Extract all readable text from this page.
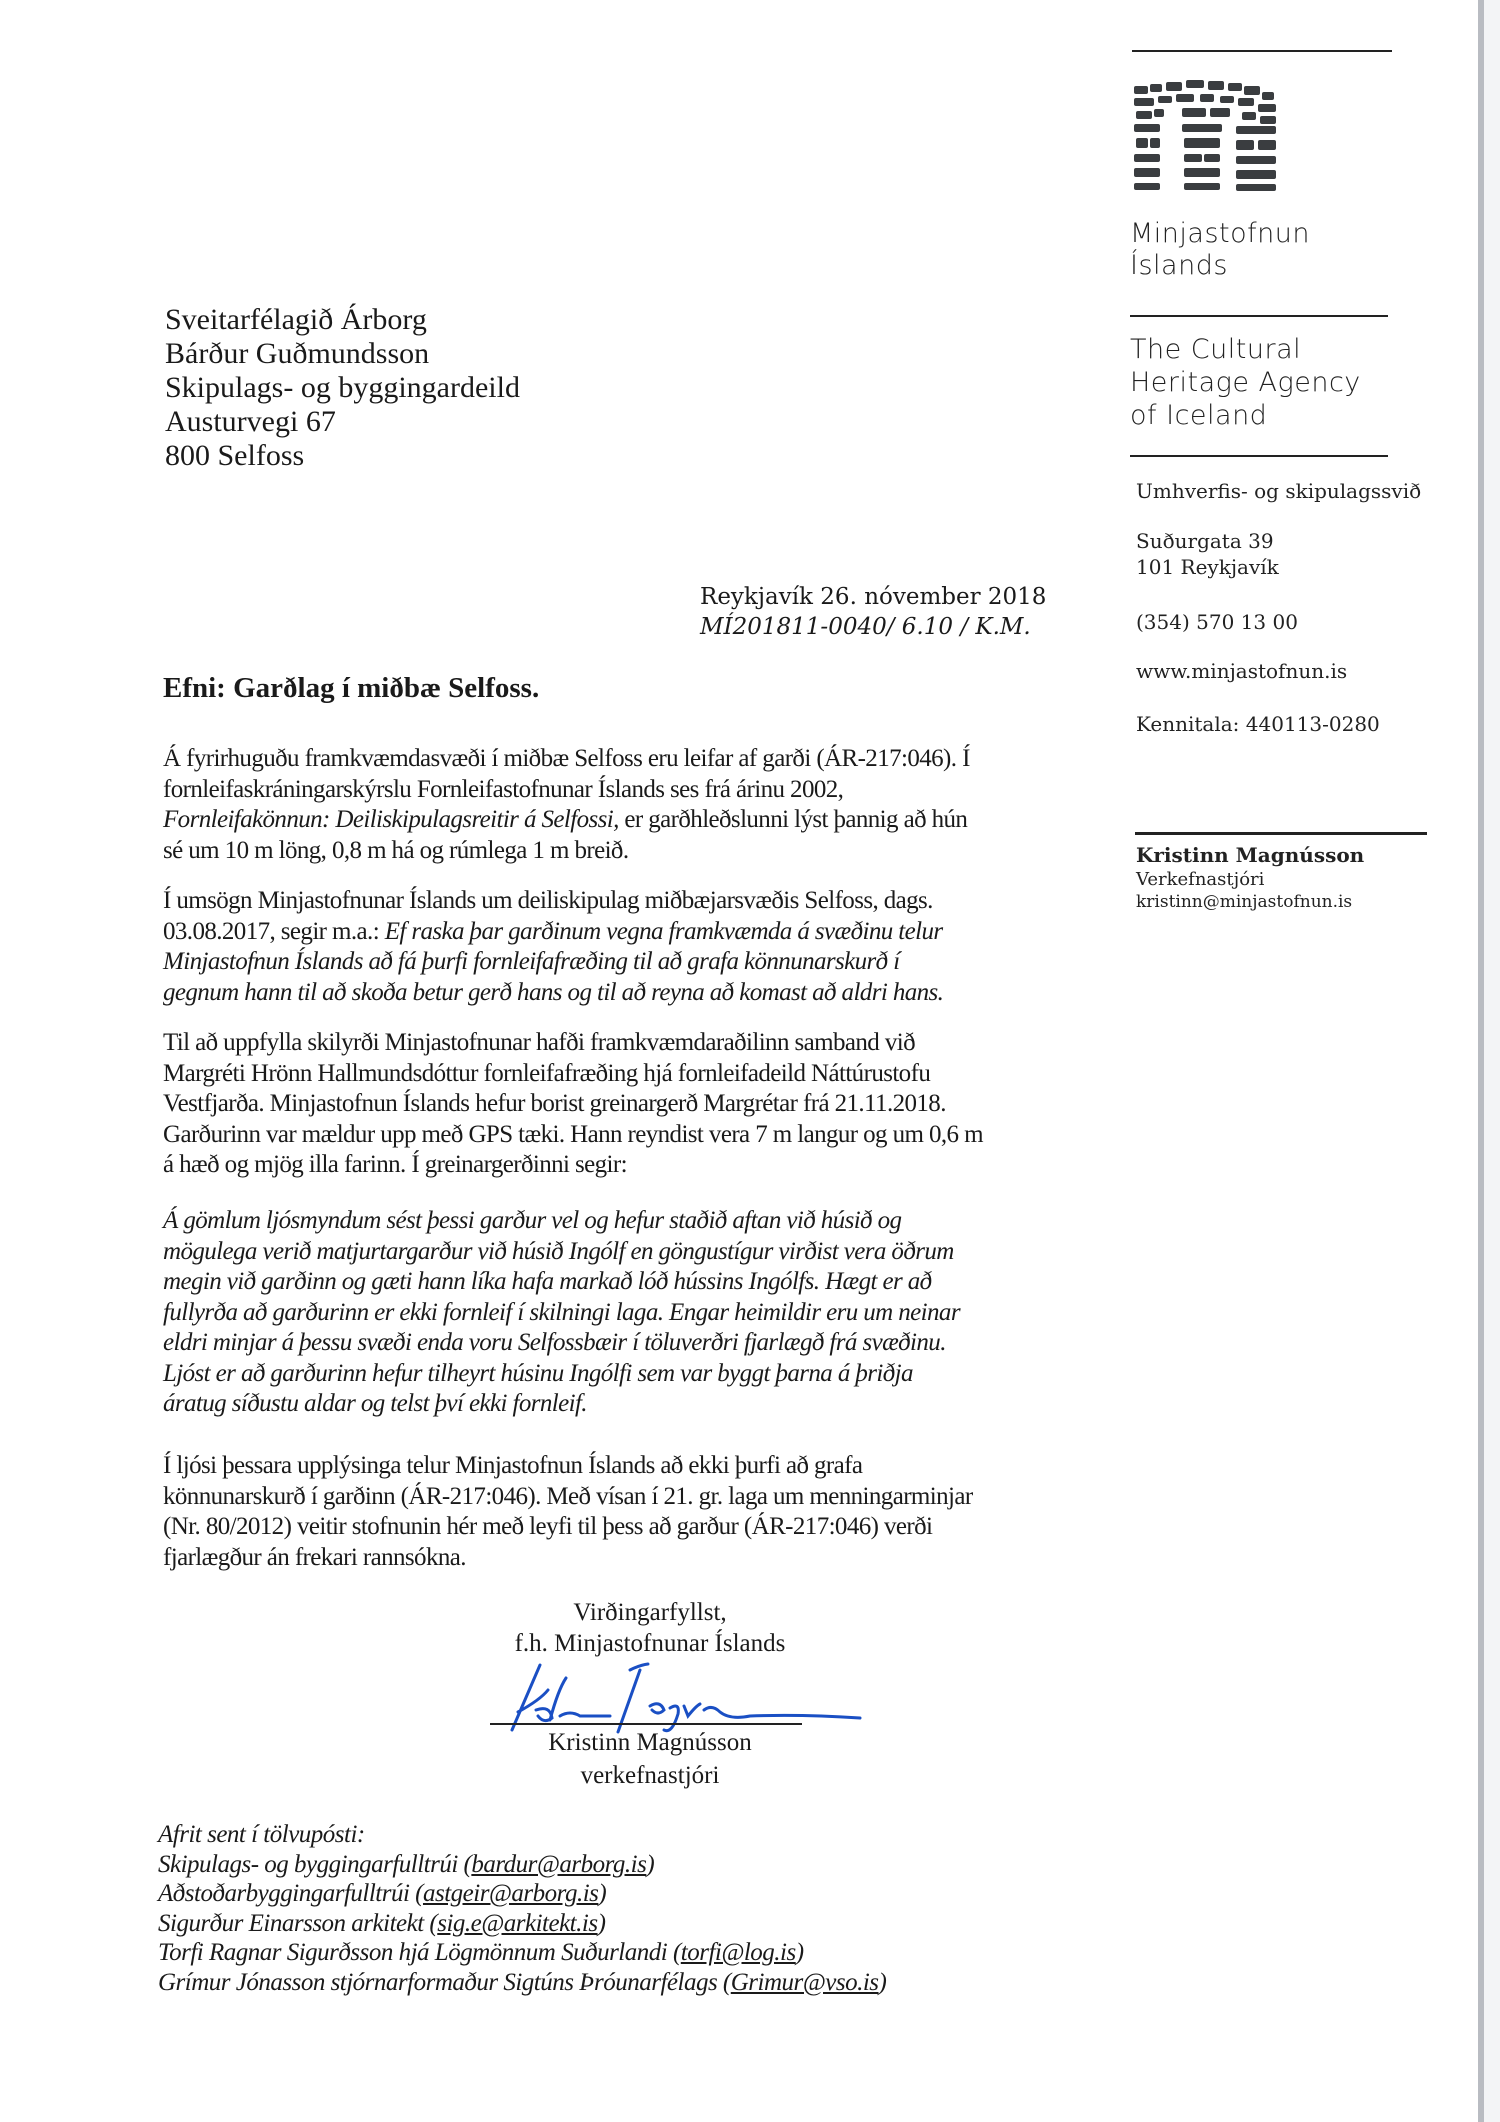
Minjastofnun
Íslands
The Cultural
Heritage Agency
of Iceland
Umhverfis- og skipulagssvið
Suðurgata 39
101 Reykjavík
(354) 570 13 00
www.minjastofnun.is
Kennitala: 440113-0280
Kristinn Magnússon
Verkefnastjóri
kristinn@minjastofnun.is
Sveitarfélagið Árborg
Bárður Guðmundsson
Skipulags- og byggingardeild
Austurvegi 67
800 Selfoss
Reykjavík 26. nóvember 2018
MÍ201811-0040/ 6.10 / K.M.
Efni: Garðlag í miðbæ Selfoss.
Á fyrirhuguðu framkvæmdasvæði í miðbæ Selfoss eru leifar af garði (ÁR-217:046). Í
fornleifaskráningarskýrslu Fornleifastofnunar Íslands ses frá árinu 2002,
Fornleifakönnun: Deiliskipulagsreitir á Selfossi, er garðhleðslunni lýst þannig að hún
sé um 10 m löng, 0,8 m há og rúmlega 1 m breið.
Í umsögn Minjastofnunar Íslands um deiliskipulag miðbæjarsvæðis Selfoss, dags.
03.08.2017, segir m.a.: Ef raska þar garðinum vegna framkvæmda á svæðinu telur
Minjastofnun Íslands að fá þurfi fornleifafræðing til að grafa könnunarskurð í
gegnum hann til að skoða betur gerð hans og til að reyna að komast að aldri hans.
Til að uppfylla skilyrði Minjastofnunar hafði framkvæmdaraðilinn samband við
Margréti Hrönn Hallmundsdóttur fornleifafræðing hjá fornleifadeild Náttúrustofu
Vestfjarða. Minjastofnun Íslands hefur borist greinargerð Margrétar frá 21.11.2018.
Garðurinn var mældur upp með GPS tæki. Hann reyndist vera 7 m langur og um 0,6 m
á hæð og mjög illa farinn. Í greinargerðinni segir:
Á gömlum ljósmyndum sést þessi garður vel og hefur staðið aftan við húsið og
mögulega verið matjurtargarður við húsið Ingólf en göngustígur virðist vera öðrum
megin við garðinn og gæti hann líka hafa markað lóð hússins Ingólfs. Hægt er að
fullyrða að garðurinn er ekki fornleif í skilningi laga. Engar heimildir eru um neinar
eldri minjar á þessu svæði enda voru Selfossbæir í töluverðri fjarlægð frá svæðinu.
Ljóst er að garðurinn hefur tilheyrt húsinu Ingólfi sem var byggt þarna á þriðja
áratug síðustu aldar og telst því ekki fornleif.
Í ljósi þessara upplýsinga telur Minjastofnun Íslands að ekki þurfi að grafa
könnunarskurð í garðinn (ÁR-217:046). Með vísan í 21. gr. laga um menningarminjar
(Nr. 80/2012) veitir stofnunin hér með leyfi til þess að garður (ÁR-217:046) verði
fjarlægður án frekari rannsókna.
Virðingarfyllst,
f.h. Minjastofnunar Íslands
Kristinn Magnússon
verkefnastjóri
Afrit sent í tölvupósti:
Skipulags- og byggingarfulltrúi (bardur@arborg.is)
Aðstoðarbyggingarfulltrúi (astgeir@arborg.is)
Sigurður Einarsson arkitekt (sig.e@arkitekt.is)
Torfi Ragnar Sigurðsson hjá Lögmönnum Suðurlandi (torfi@log.is)
Grímur Jónasson stjórnarformaður Sigtúns Þróunarfélags (Grimur@vso.is)
